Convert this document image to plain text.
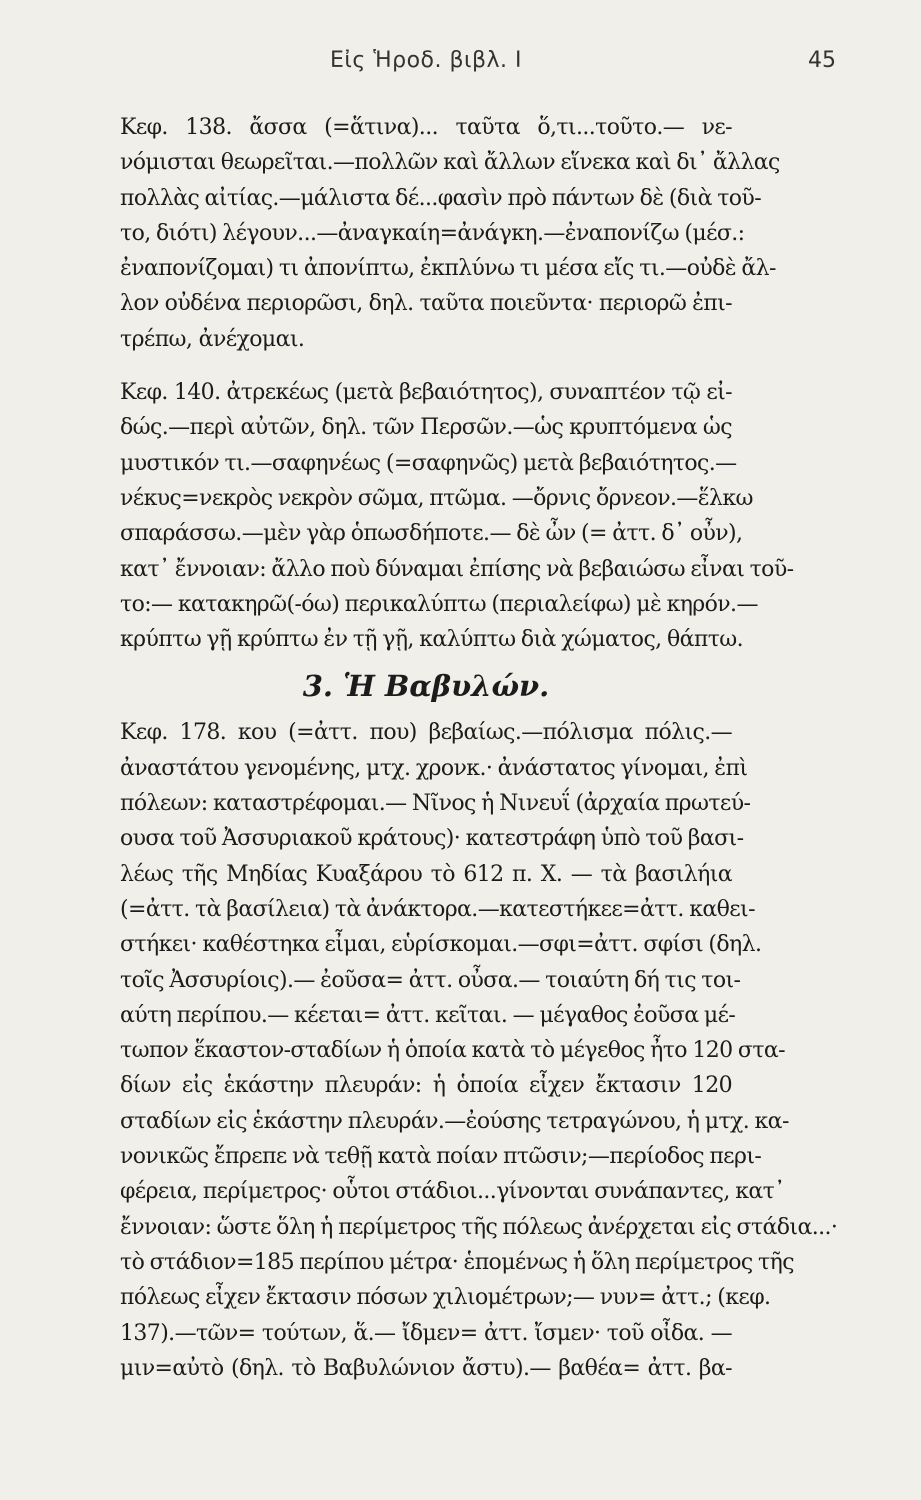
Εἰς Ἡροδ. βιβλ. Ι	45
Κεφ. 138. ἄσσα (=ἅτινα)... ταῦτα ὅ,τι...τοῦτο.— νε-
νόμισται θεωρεῖται.—πολλῶν καὶ ἄλλων εἵνεκα καὶ δι᾿ ἄλλας
πολλὰς αἰτίας.—μάλιστα δέ...φασὶν πρὸ πάντων δὲ (διὰ τοῦ-
το, διότι) λέγουν...—ἀναγκαίη=ἀνάγκη.—ἐναπονίζω (μέσ.:
ἐναπονίζομαι) τι ἀπονίπτω, ἐκπλύνω τι μέσα εἴς τι.—οὐδὲ ἄλ-
λον οὐδένα περιορῶσι, δηλ. ταῦτα ποιεῦντα· περιορῶ ἐπι-
τρέπω, ἀνέχομαι.
Κεφ. 140. ἀτρεκέως (μετὰ βεβαιότητος), συναπτέον τῷ εἰ-
δώς.—περὶ αὐτῶν, δηλ. τῶν Περσῶν.—ὡς κρυπτόμενα ὡς
μυστικόν τι.—σαφηνέως (=σαφηνῶς) μετὰ βεβαιότητος.—
νέκυς=νεκρὸς νεκρὸν σῶμα, πτῶμα. —ὄρνις ὄρνεον.—ἕλκω
σπαράσσω.—μὲν γὰρ ὁπωσδήποτε.— δὲ ὦν (= ἀττ. δ᾿ οὖν),
κατ᾿ ἔννοιαν: ἄλλο ποὺ δύναμαι ἐπίσης νὰ βεβαιώσω εἶναι τοῦ-
το:— κατακηρῶ(-όω) περικαλύπτω (περιαλείφω) μὲ κηρόν.—
κρύπτω γῇ κρύπτω ἐν τῇ γῇ, καλύπτω διὰ χώματος, θάπτω.
3. Ἡ Βαβυλών.
Κεφ. 178. κου (=ἀττ. που) βεβαίως.—πόλισμα πόλις.—
ἀναστάτου γενομένης, μτχ. χρονκ.· ἀνάστατος γίνομαι, ἐπὶ
πόλεων: καταστρέφομαι.— Νῖνος ἡ Νινευΐ (ἀρχαία πρωτεύ-
ουσα τοῦ Ἀσσυριακοῦ κράτους)· κατεστράφη ὑπὸ τοῦ βασι-
λέως τῆς Μηδίας Κυαξάρου τὸ 612 π. Χ. — τὰ βασιλήια
(=ἀττ. τὰ βασίλεια) τὰ ἀνάκτορα.—κατεστήκεε=ἀττ. καθει-
στήκει· καθέστηκα εἶμαι, εὑρίσκομαι.—σφι=ἀττ. σφίσι (δηλ.
τοῖς Ἀσσυρίοις).— ἐοῦσα= ἀττ. οὖσα.— τοιαύτη δή τις τοι-
αύτη περίπου.— κέεται= ἀττ. κεῖται. — μέγαθος ἐοῦσα μέ-
τωπον ἕκαστον-σταδίων ἡ ὁποία κατὰ τὸ μέγεθος ἦτο 120 στα-
δίων εἰς ἑκάστην πλευράν: ἡ ὁποία εἶχεν ἔκτασιν 120
σταδίων εἰς ἑκάστην πλευράν.—ἐούσης τετραγώνου, ἡ μτχ. κα-
νονικῶς ἔπρεπε νὰ τεθῇ κατὰ ποίαν πτῶσιν;—περίοδος περι-
φέρεια, περίμετρος· οὗτοι στάδιοι...γίνονται συνάπαντες, κατ᾿
ἔννοιαν: ὥστε ὅλη ἡ περίμετρος τῆς πόλεως ἀνέρχεται εἰς στάδια...·
τὸ στάδιον=185 περίπου μέτρα· ἑπομένως ἡ ὅλη περίμετρος τῆς
πόλεως εἶχεν ἔκτασιν πόσων χιλιομέτρων;— νυν= ἀττ.; (κεφ.
137).—τῶν= τούτων, ἅ.— ἴδμεν= ἀττ. ἴσμεν· τοῦ οἶδα. —
μιν=αὐτὸ (δηλ. τὸ Βαβυλώνιον ἄστυ).— βαθέα= ἀττ. βα-
